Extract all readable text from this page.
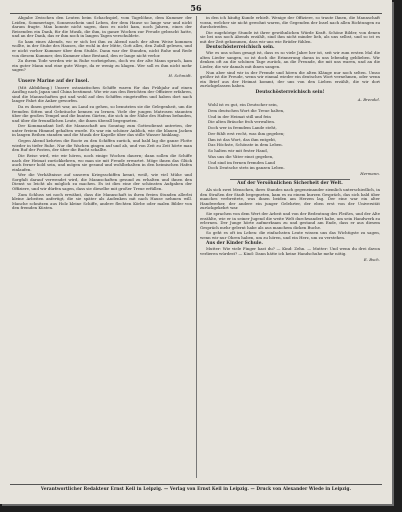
56

Abgabe Zwischen den Leuten beim Schachspiel, vom Tagelöhne, dem Kummer der Leiden, Sommertage, Sonnenschein und Leben, der dem Hause so lange war und nicht darum fragte. Man konnte nicht sagen, dass es nicht kam, noch Jahren, eines der Reisenden ein Dank, für die Musik, die ihm, in ganze Wochen zur Freude gebracht hatte, und an der Dank, das er ihm noch in langen Tagen verschuldete.

So kam eines Abends, wo er sich bei ihm zu Abend nach der alten Weise kommen wollte, in der Stube des Hauses, die wohl in der Mitte, Gott alles, den Zufall gelesen, und er nicht vorher Kummer über dem Stuhle. Dann war der Stunden, nicht Ruhe und Rede von diesem Kummer, den Kummer ohne Bestand, den er lange nicht verlor.

Zu ihrem Tode werden wir in Ruhe vorbeigehen, doch wo der alte Mann sprach, kam ein guter Mann und eine gute Wiege, da er wenig zu klagen. Wer soll es ihm nicht mehr sagen?

H. Schmidt.

Unsere Marine auf der Insel.

(Mit Abbildung.) Unsere ostasiatischen Schiffe waren für das Frühjahr auf einen Ausflug nach Japan und China bestimmt. Wie wir aus den Berichten der Offiziere erfahren, sind die Mannschaften gut und wohl auf den Schiffen eingetroffen und haben dort nach langer Fahrt die Anker geworfen.

Da es ihnen gestattet war, an Land zu gehen, so benutzten sie die Gelegenheit, um die fremden Sitten und Gebräuche kennen zu lernen. Viele der jungen Matrosen staunten über die großen Tempel und die bunten Gärten, die sich in der Nähe des Hafens befanden, und über die freundlichen Leute, die ihnen überall begegneten.

Der Kommandant ließ die Mannschaft am Sonntag zum Gottesdienst antreten, der unter freiem Himmel gehalten wurde. Es war ein schöner Anblick, wie die blauen Jacken in langen Reihen standen und die Musik der Kapelle über das stille Wasser hinklang.

Gegen Abend kehrten die Boote zu den Schiffen zurück, und bald lag die ganze Flotte wieder in tiefer Ruhe. Nur die Wachen gingen auf und ab, und von Zeit zu Zeit hörte man den Ruf der Posten, der über die Bucht schallte.

Die Reise wird, wie wir hören, noch einige Wochen dauern; dann sollen die Schiffe nach der Heimat zurückkehren, wo man sie mit Freude erwartet. Möge ihnen das Glück auch ferner hold sein, und mögen sie gesund und wohlbehalten in den heimischen Hafen einlaufen.

Wer die Verhältnisse auf unseren Kriegsschiffen kennt, weiß, wie viel Mühe und Sorgfalt darauf verwendet wird, die Mannschaften gesund zu erhalten und ihnen den Dienst so leicht als möglich zu machen. Es ist dies eine der schönsten Aufgaben der Offiziere, und wir dürfen sagen, dass sie dieselbe mit großer Treue erfüllen.

Zum Schluss sei noch erwähnt, dass die Mannschaft in ihren freien Stunden allerlei kleine Arbeiten anfertigt, die sie später als Andenken mit nach Hause nehmen will. Manche schnitzen aus Holz kleine Schiffe, andere flechten Körbe oder malen Bilder von den fremden Küsten.

in den ich häufig Kunde erhielt. Wenige der Offiziere, so traute Ihnen, die Mannschaft voran, welcher sie nicht gewohnt waren, die Gegenden der Insel nach allen Richtungen zu durchstreifen.

Die zugehörige Stunde ist ihrer gewöhnlichen Würde Kraft. Schöne Bilder, von denen sie bei uns noch Abends erzählt, sind ihm nicht minder lieb, als uns selbst, und so ist es mit der Zeit gekommen, dass wir uns wie Brüder fühlen.

Deutschösterreichisch sein.

Wie es uns schon gesagt ist, dass es so viele Jahre her ist, seit wir zum ersten Mal die alten Lieder sangen, so ist doch die Erinnerung daran in uns lebendig geblieben. Wir denken oft an die schönen Tage zurück, an die Freunde, die mit uns waren, und an die Lieder, die wir damals mit ihnen sangen.

Nun aber sind wir in der Fremde und hören die alten Klänge nur noch selten. Umso größer ist die Freude, wenn wir einmal wieder ein deutsches Wort vernehmen, oder wenn ein Brief aus der Heimat kommt, der uns von den Lieben erzählt, die wir dort zurückgelassen haben.

Deutschösterreichisch sein!

A. Brendel.

Wohl ist es gut, ein Deutscher sein,

Dem deutschen Wort die Treue halten,

Und in der Heimat still und fein

Die alten Bräuche froh verwalten.

Doch wer in fremdem Lande steht,

Der fühlt erst recht, was ihm gegeben;

Ihm ist das Wort, das ihm entgeht,

Das Höchste, Schönste in dem Leben.

So halten wir mit fester Hand,

Was uns die Väter einst gegeben,

Und sind im fernen fremden Land

Doch Deutsche stets im ganzen Leben.

Hermann.

Auf der Versöhnlichen Sicherheit der Welt.

Als sich zwei Menschen, ihres Standes nach gegeneinander ziemlich unterschiedlich, in den Straßen der Stadt begegneten, kam es zu einem kurzen Gespräch, das sich bald über manches verbreitete, was ihnen beiden am Herzen lag. Der eine war ein alter Handwerker, der andere ein junger Gelehrter, der eben erst von der Universität zurückgekehrt war.

Sie sprachen von dem Wert der Arbeit und von der Bedeutung des Fleißes, und der Alte erzählte, wie er in seiner Jugend die weite Welt durchwandert habe, um sein Handwerk zu erlernen. Der Junge hörte aufmerksam zu und gestand am Ende, dass er aus diesem Gespräch mehr gelernt habe als aus manchem dicken Buche.

So geht es oft im Leben: die einfachsten Leute wissen uns das Wichtigste zu sagen, wenn wir nur Ohren haben, um zu hören, und ein Herz, um zu verstehen.

Aus der Kinder Schule.

Mutter: Wie viele Finger hast du? — Kind: Zehn. — Mutter: Und wenn du drei davon verlieren würdest? — Kind: Dann hätte ich keine Handschuhe mehr nötig.

E. Bsch.

Verantwortlicher Redakteur Ernst Keil in Leipzig. — Verlag von Ernst Keil in Leipzig. — Druck von Alexander Wiede in Leipzig.
